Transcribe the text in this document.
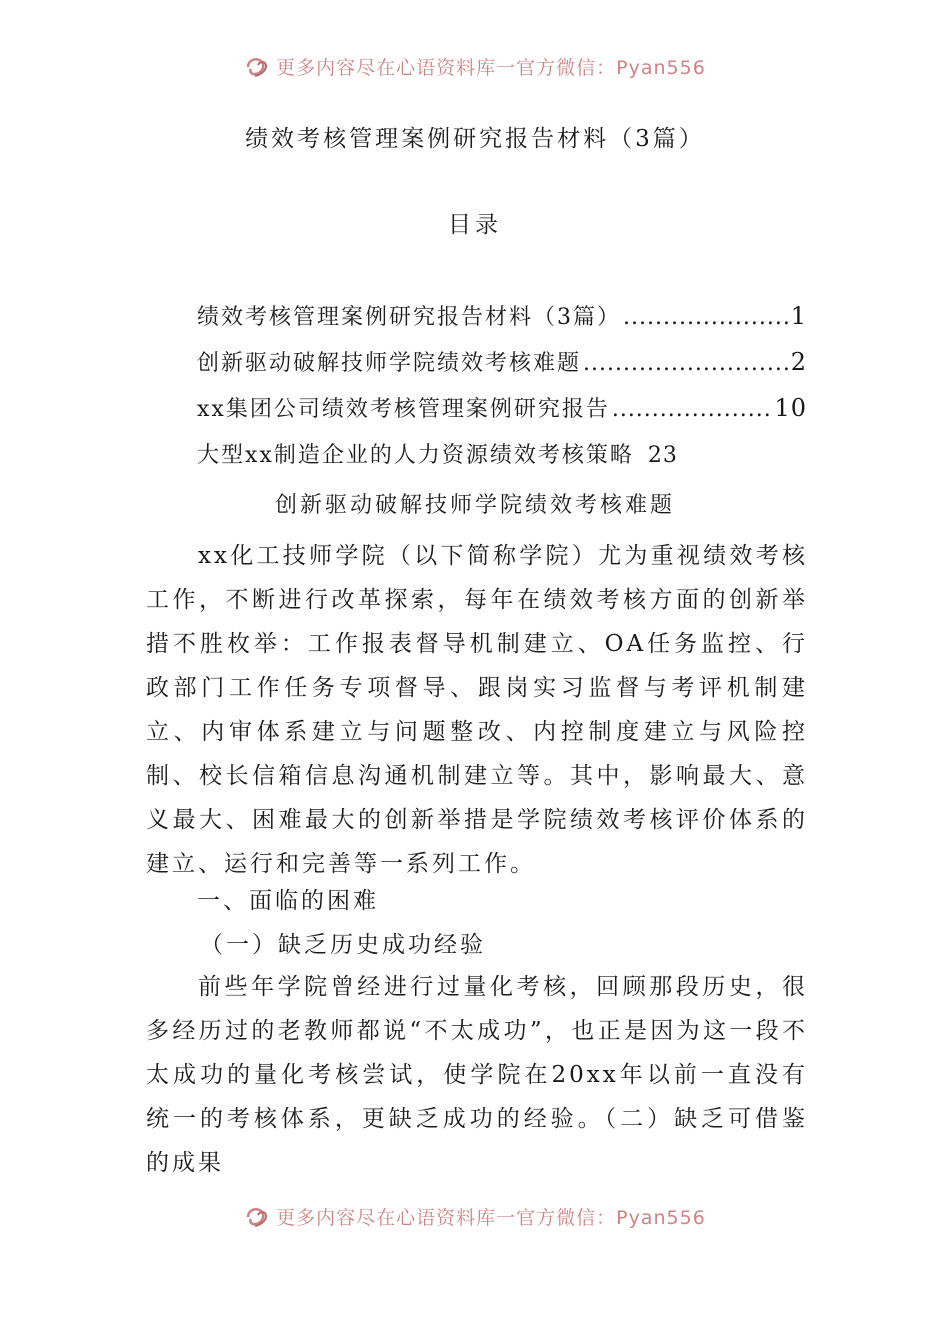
更多内容尽在心语资料库一官方微信：Pyan556
绩效考核管理案例研究报告材料（3篇）
目录
绩效考核管理案例研究报告材料（3篇） .....	1
创新驱动破解技师学院绩效考核难题 .....	2
xx集团公司绩效考核管理案例研究报告 .....	10
大型xx制造企业的人力资源绩效考核策略 23
创新驱动破解技师学院绩效考核难题
xx化工技师学院（以下简称学院）尤为重视绩效考核工作，不断进行改革探索，每年在绩效考核方面的创新举措不胜枚举：工作报表督导机制建立、OA任务监控、行政部门工作任务专项督导、跟岗实习监督与考评机制建立、内审体系建立与问题整改、内控制度建立与风险控制、校长信箱信息沟通机制建立等。其中，影响最大、意义最大、困难最大的创新举措是学院绩效考核评价体系的建立、运行和完善等一系列工作。
一、面临的困难
（一）缺乏历史成功经验
前些年学院曾经进行过量化考核，回顾那段历史，很多经历过的老教师都说“不太成功”，也正是因为这一段不太成功的量化考核尝试，使学院在20xx年以前一直没有统一的考核体系，更缺乏成功的经验。（二）缺乏可借鉴的成果
更多内容尽在心语资料库一官方微信：Pyan556
